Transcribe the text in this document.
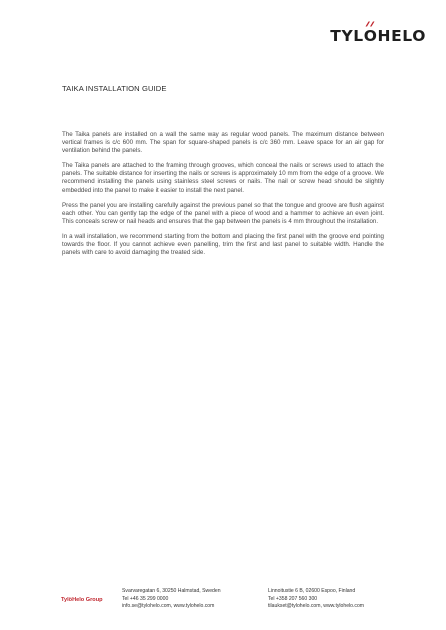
TYL
OHELO
TAIKA INSTALLATION GUIDE

The Taika panels are installed on a wall the same way as regular wood panels. The maximum distance between vertical frames is c/c 600 mm. The span for square-shaped panels is c/c 360 mm. Leave space for an air gap for ventilation behind the panels.

The Taika panels are attached to the framing through grooves, which conceal the nails or screws used to attach the panels. The suitable distance for inserting the nails or screws is approximately 10 mm from the edge of a groove. We recommend installing the panels using stainless steel screws or nails. The nail or screw head should be slightly embedded into the panel to make it easier to install the next panel.

Press the panel you are installing carefully against the previous panel so that the tongue and groove are flush against each other. You can gently tap the edge of the panel with a piece of wood and a hammer to achieve an even joint. This conceals screw or nail heads and ensures that the gap between the panels is 4 mm throughout the installation.

In a wall installation, we recommend starting from the bottom and placing the first panel with the groove end pointing towards the floor. If you cannot achieve even panelling, trim the first and last panel to suitable width. Handle the panels with care to avoid damaging the treated side.

TylöHelo Group
Svarvaregatan 6, 30250 Halmstad, Sweden
Tel +46 35 299 0000
info.se@tylohelo.com, www.tylohelo.com
Linnoitustie 6 B, 02600 Espoo, Finland
Tel +358 207 560 300
tilaukset@tylohelo.com, www.tylohelo.com
